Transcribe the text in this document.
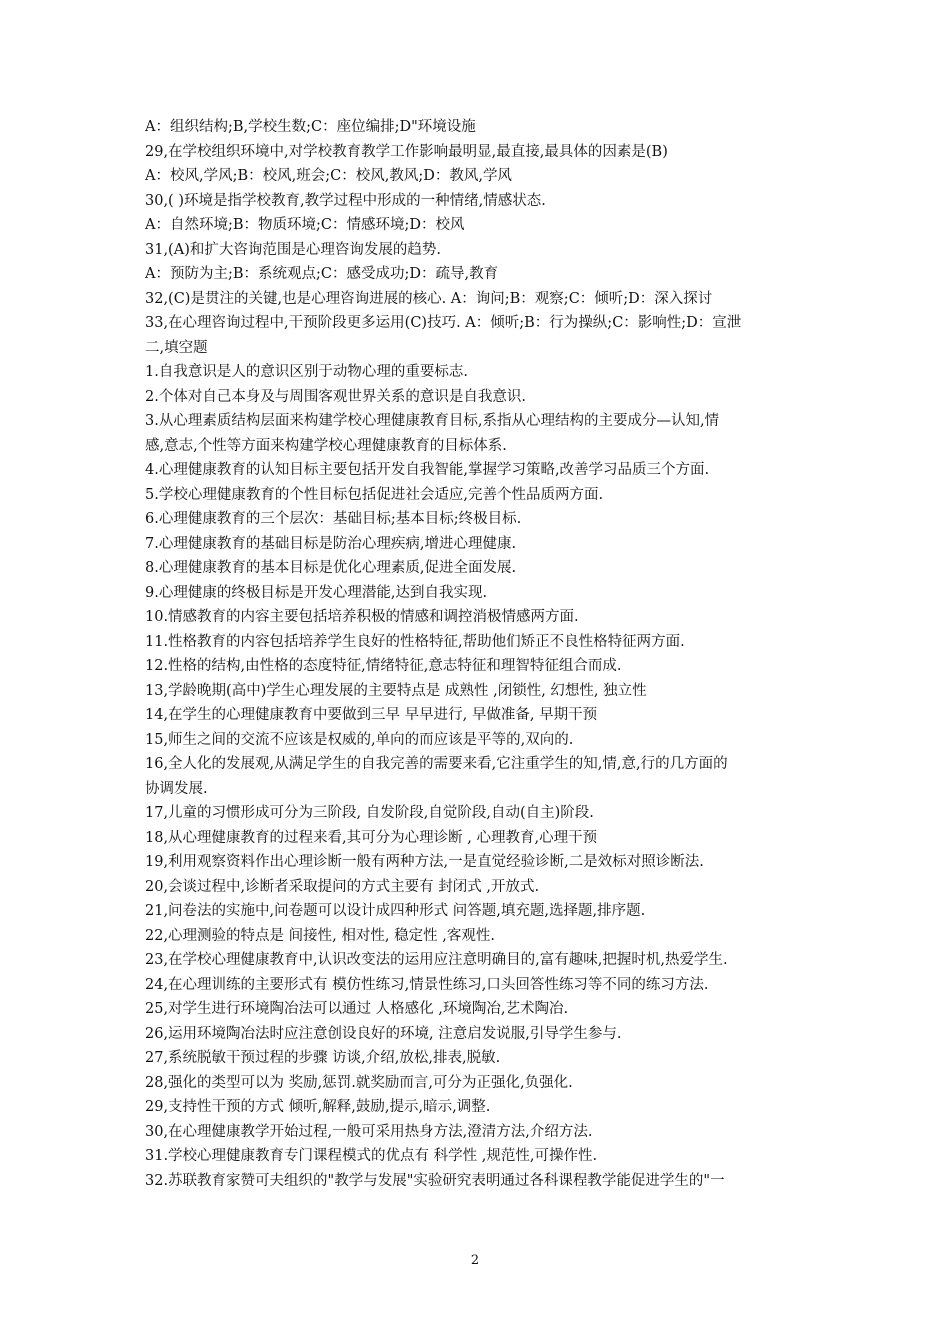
A：组织结构;B,学校生数;C：座位编排;D"环境设施

29,在学校组织环境中,对学校教育教学工作影响最明显,最直接,最具体的因素是(B)

A：校风,学风;B：校风,班会;C：校风,教风;D：教风,学风

30,( )环境是指学校教育,教学过程中形成的一种情绪,情感状态.

A：自然环境;B：物质环境;C：情感环境;D：校风

31,(A)和扩大咨询范围是心理咨询发展的趋势.

A：预防为主;B：系统观点;C：感受成功;D：疏导,教育

32,(C)是贯注的关键,也是心理咨询进展的核心. A：询问;B：观察;C：倾听;D：深入探讨

33,在心理咨询过程中,干预阶段更多运用(C)技巧. A：倾听;B：行为操纵;C：影响性;D：宣泄

二,填空题

1.自我意识是人的意识区别于动物心理的重要标志.

2.个体对自己本身及与周围客观世界关系的意识是自我意识.

3.从心理素质结构层面来构建学校心理健康教育目标,系指从心理结构的主要成分—认知,情

感,意志,个性等方面来构建学校心理健康教育的目标体系.

4.心理健康教育的认知目标主要包括开发自我智能,掌握学习策略,改善学习品质三个方面.

5.学校心理健康教育的个性目标包括促进社会适应,完善个性品质两方面.

6.心理健康教育的三个层次：基础目标;基本目标;终极目标.

7.心理健康教育的基础目标是防治心理疾病,增进心理健康.

8.心理健康教育的基本目标是优化心理素质,促进全面发展.

9.心理健康的终极目标是开发心理潜能,达到自我实现.

10.情感教育的内容主要包括培养积极的情感和调控消极情感两方面.

11.性格教育的内容包括培养学生良好的性格特征,帮助他们矫正不良性格特征两方面.

12.性格的结构,由性格的态度特征,情绪特征,意志特征和理智特征组合而成.

13,学龄晚期(高中)学生心理发展的主要特点是 成熟性 ,闭锁性, 幻想性, 独立性

14,在学生的心理健康教育中要做到三早 早早进行, 早做准备, 早期干预

15,师生之间的交流不应该是权威的,单向的而应该是平等的,双向的.

16,全人化的发展观,从满足学生的自我完善的需要来看,它注重学生的知,情,意,行的几方面的

协调发展.

17,儿童的习惯形成可分为三阶段, 自发阶段,自觉阶段,自动(自主)阶段.

18,从心理健康教育的过程来看,其可分为心理诊断 , 心理教育,心理干预

19,利用观察资料作出心理诊断一般有两种方法,一是直觉经验诊断,二是效标对照诊断法.

20,会谈过程中,诊断者采取提问的方式主要有 封闭式 ,开放式.

21,问卷法的实施中,问卷题可以设计成四种形式 问答题,填充题,选择题,排序题.

22,心理测验的特点是 间接性, 相对性, 稳定性 ,客观性.

23,在学校心理健康教育中,认识改变法的运用应注意明确目的,富有趣味,把握时机,热爱学生.

24,在心理训练的主要形式有 模仿性练习,情景性练习,口头回答性练习等不同的练习方法.

25,对学生进行环境陶冶法可以通过 人格感化 ,环境陶冶,艺术陶冶.

26,运用环境陶冶法时应注意创设良好的环境, 注意启发说服,引导学生参与.

27,系统脱敏干预过程的步骤 访谈,介绍,放松,排表,脱敏.

28,强化的类型可以为 奖励,惩罚.就奖励而言,可分为正强化,负强化.

29,支持性干预的方式 倾听,解释,鼓励,提示,暗示,调整.

30,在心理健康教学开始过程,一般可采用热身方法,澄清方法,介绍方法.

31.学校心理健康教育专门课程模式的优点有 科学性 ,规范性,可操作性.

32.苏联教育家赞可夫组织的"教学与发展"实验研究表明通过各科课程教学能促进学生的"一

2
